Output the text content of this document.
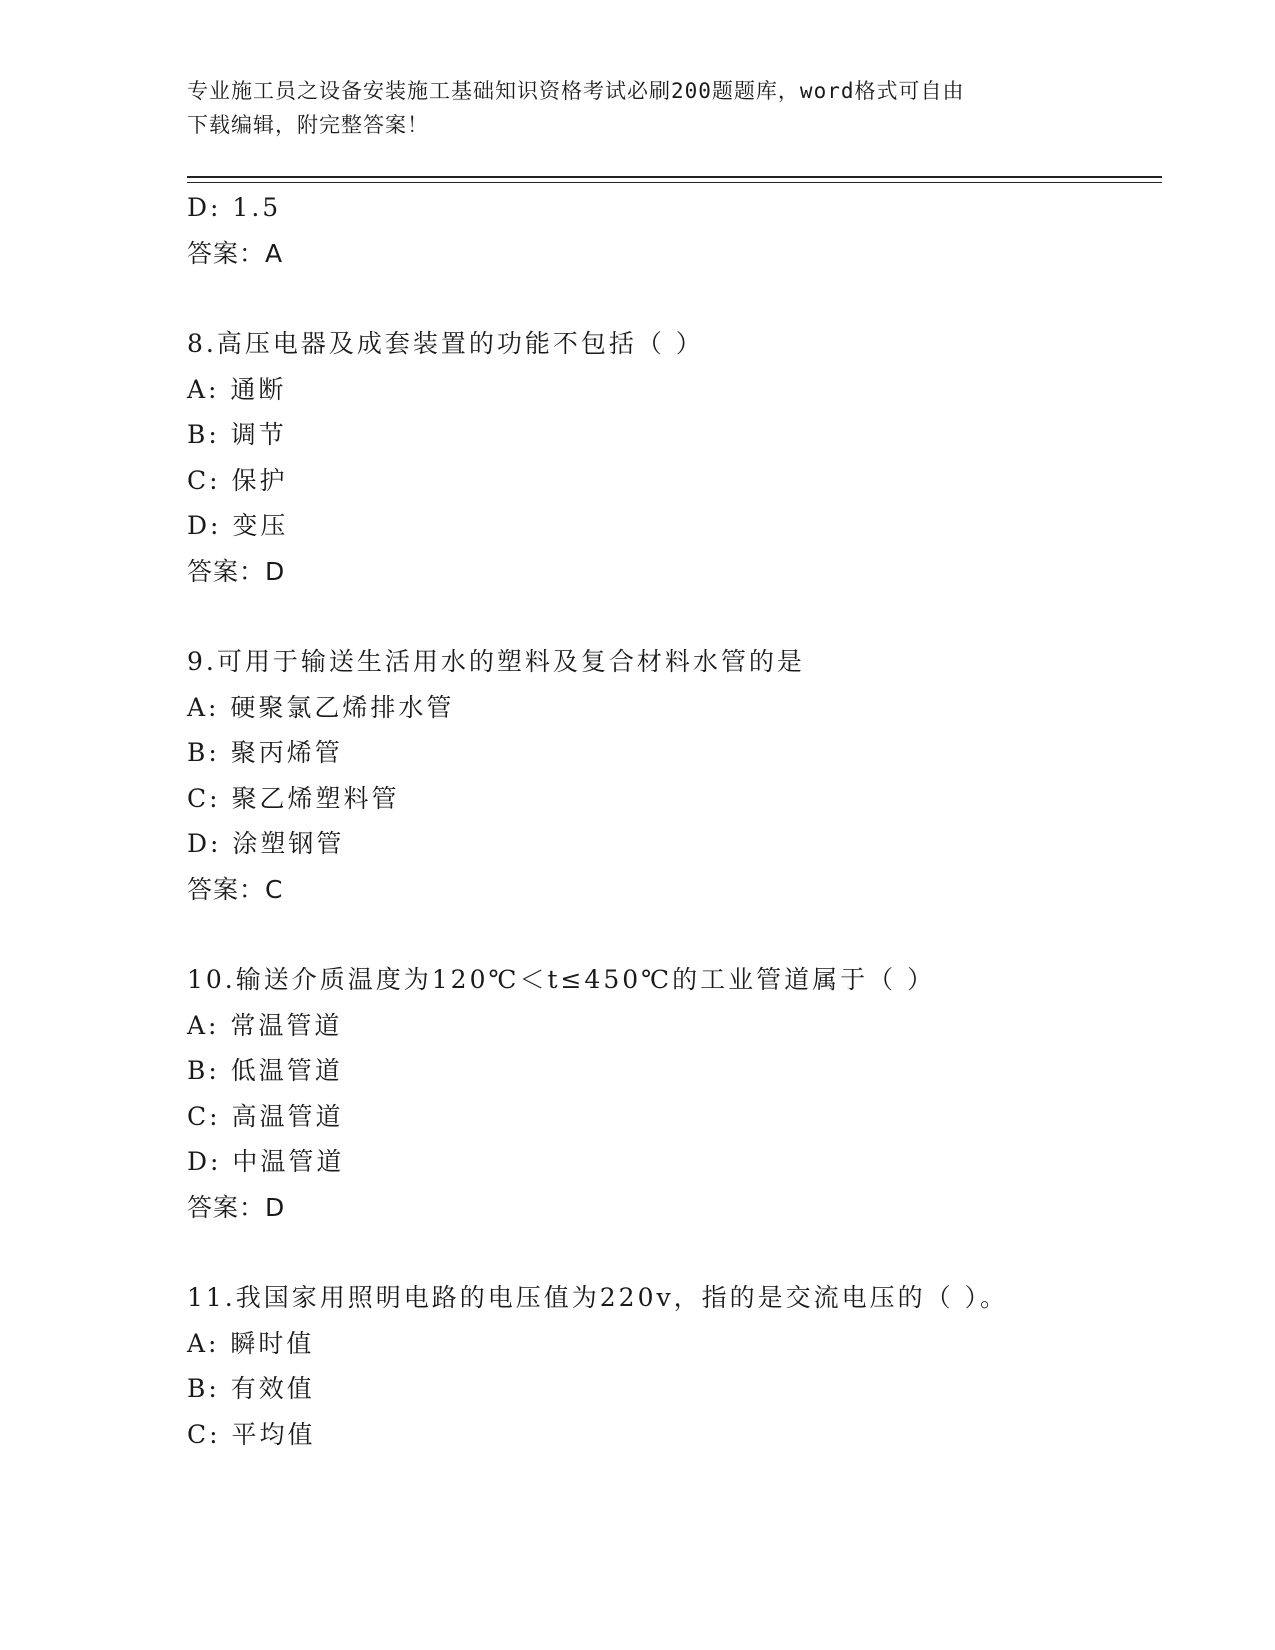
专业施工员之设备安装施工基础知识资格考试必刷200题题库，word格式可自由
下载编辑，附完整答案！
D: 1.5
答案：A
8.高压电器及成套装置的功能不包括（ ）
A: 通断
B: 调节
C: 保护
D: 变压
答案：D
9.可用于输送生活用水的塑料及复合材料水管的是
A: 硬聚氯乙烯排水管
B: 聚丙烯管
C: 聚乙烯塑料管
D: 涂塑钢管
答案：C
10.输送介质温度为120℃＜t≤450℃的工业管道属于（ ）
A: 常温管道
B: 低温管道
C: 高温管道
D: 中温管道
答案：D
11.我国家用照明电路的电压值为220v，指的是交流电压的（ ）。
A: 瞬时值
B: 有效值
C: 平均值
